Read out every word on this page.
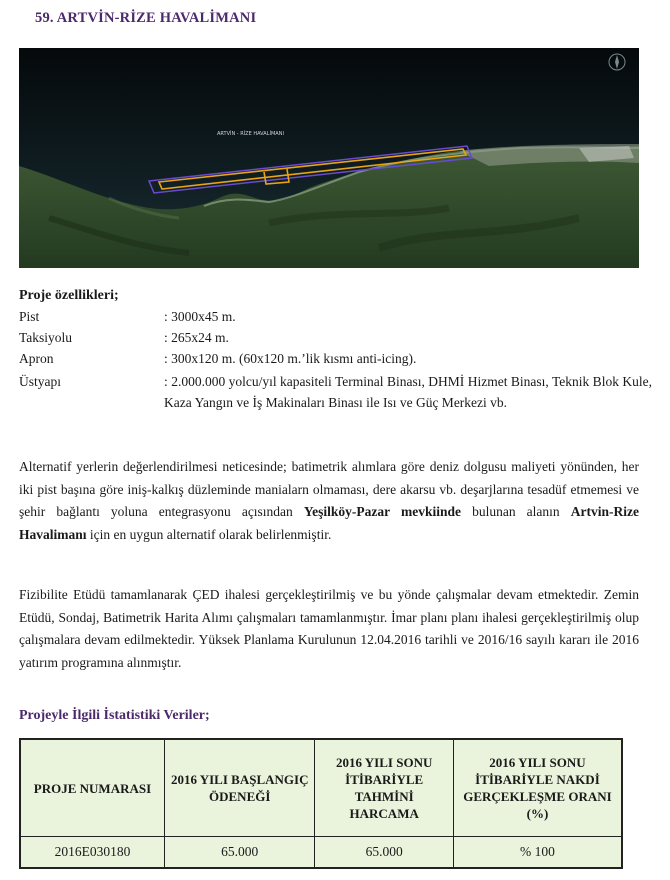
59. ARTVİN-RİZE HAVALİMANI
ARTVİN - RİZE HAVALİMANI
Proje özellikleri;
Pist	: 3000x45 m.
Taksiyolu	: 265x24 m.
Apron	: 300x120 m. (60x120 m.’lik kısmı anti-icing).
Üstyapı	: 2.000.000 yolcu/yıl kapasiteli Terminal Binası, DHMİ Hizmet Binası, Teknik Blok Kule, Kaza Yangın ve İş Makinaları Binası ile Isı ve Güç Merkezi vb.
Alternatif yerlerin değerlendirilmesi neticesinde; batimetrik alımlara göre deniz dolgusu maliyeti yönünden, her iki pist başına göre iniş-kalkış düzleminde manialarn olmaması, dere akarsu vb. deşarjlarına tesadüf etmemesi ve şehir bağlantı yoluna entegrasyonu açısından Yeşilköy-Pazar mevkiinde bulunan alanın Artvin-Rize Havalimanı için en uygun alternatif olarak belirlenmiştir.
Fizibilite Etüdü tamamlanarak ÇED ihalesi gerçekleştirilmiş ve bu yönde çalışmalar devam etmektedir. Zemin Etüdü, Sondaj, Batimetrik Harita Alımı çalışmaları tamamlanmıştır. İmar planı planı ihalesi gerçekleştirilmiş olup çalışmalara devam edilmektedir. Yüksek Planlama Kurulunun 12.04.2016 tarihli ve 2016/16 sayılı kararı ile 2016 yatırım programına alınmıştır.
Projeyle İlgili İstatistiki Veriler;
PROJE NUMARASI	2016 YILI BAŞLANGIÇ ÖDENEĞİ	2016 YILI SONU İTİBARİYLE TAHMİNİ HARCAMA	2016 YILI SONU İTİBARİYLE NAKDİ GERÇEKLEŞME ORANI (%)
2016E030180	65.000	65.000	% 100
